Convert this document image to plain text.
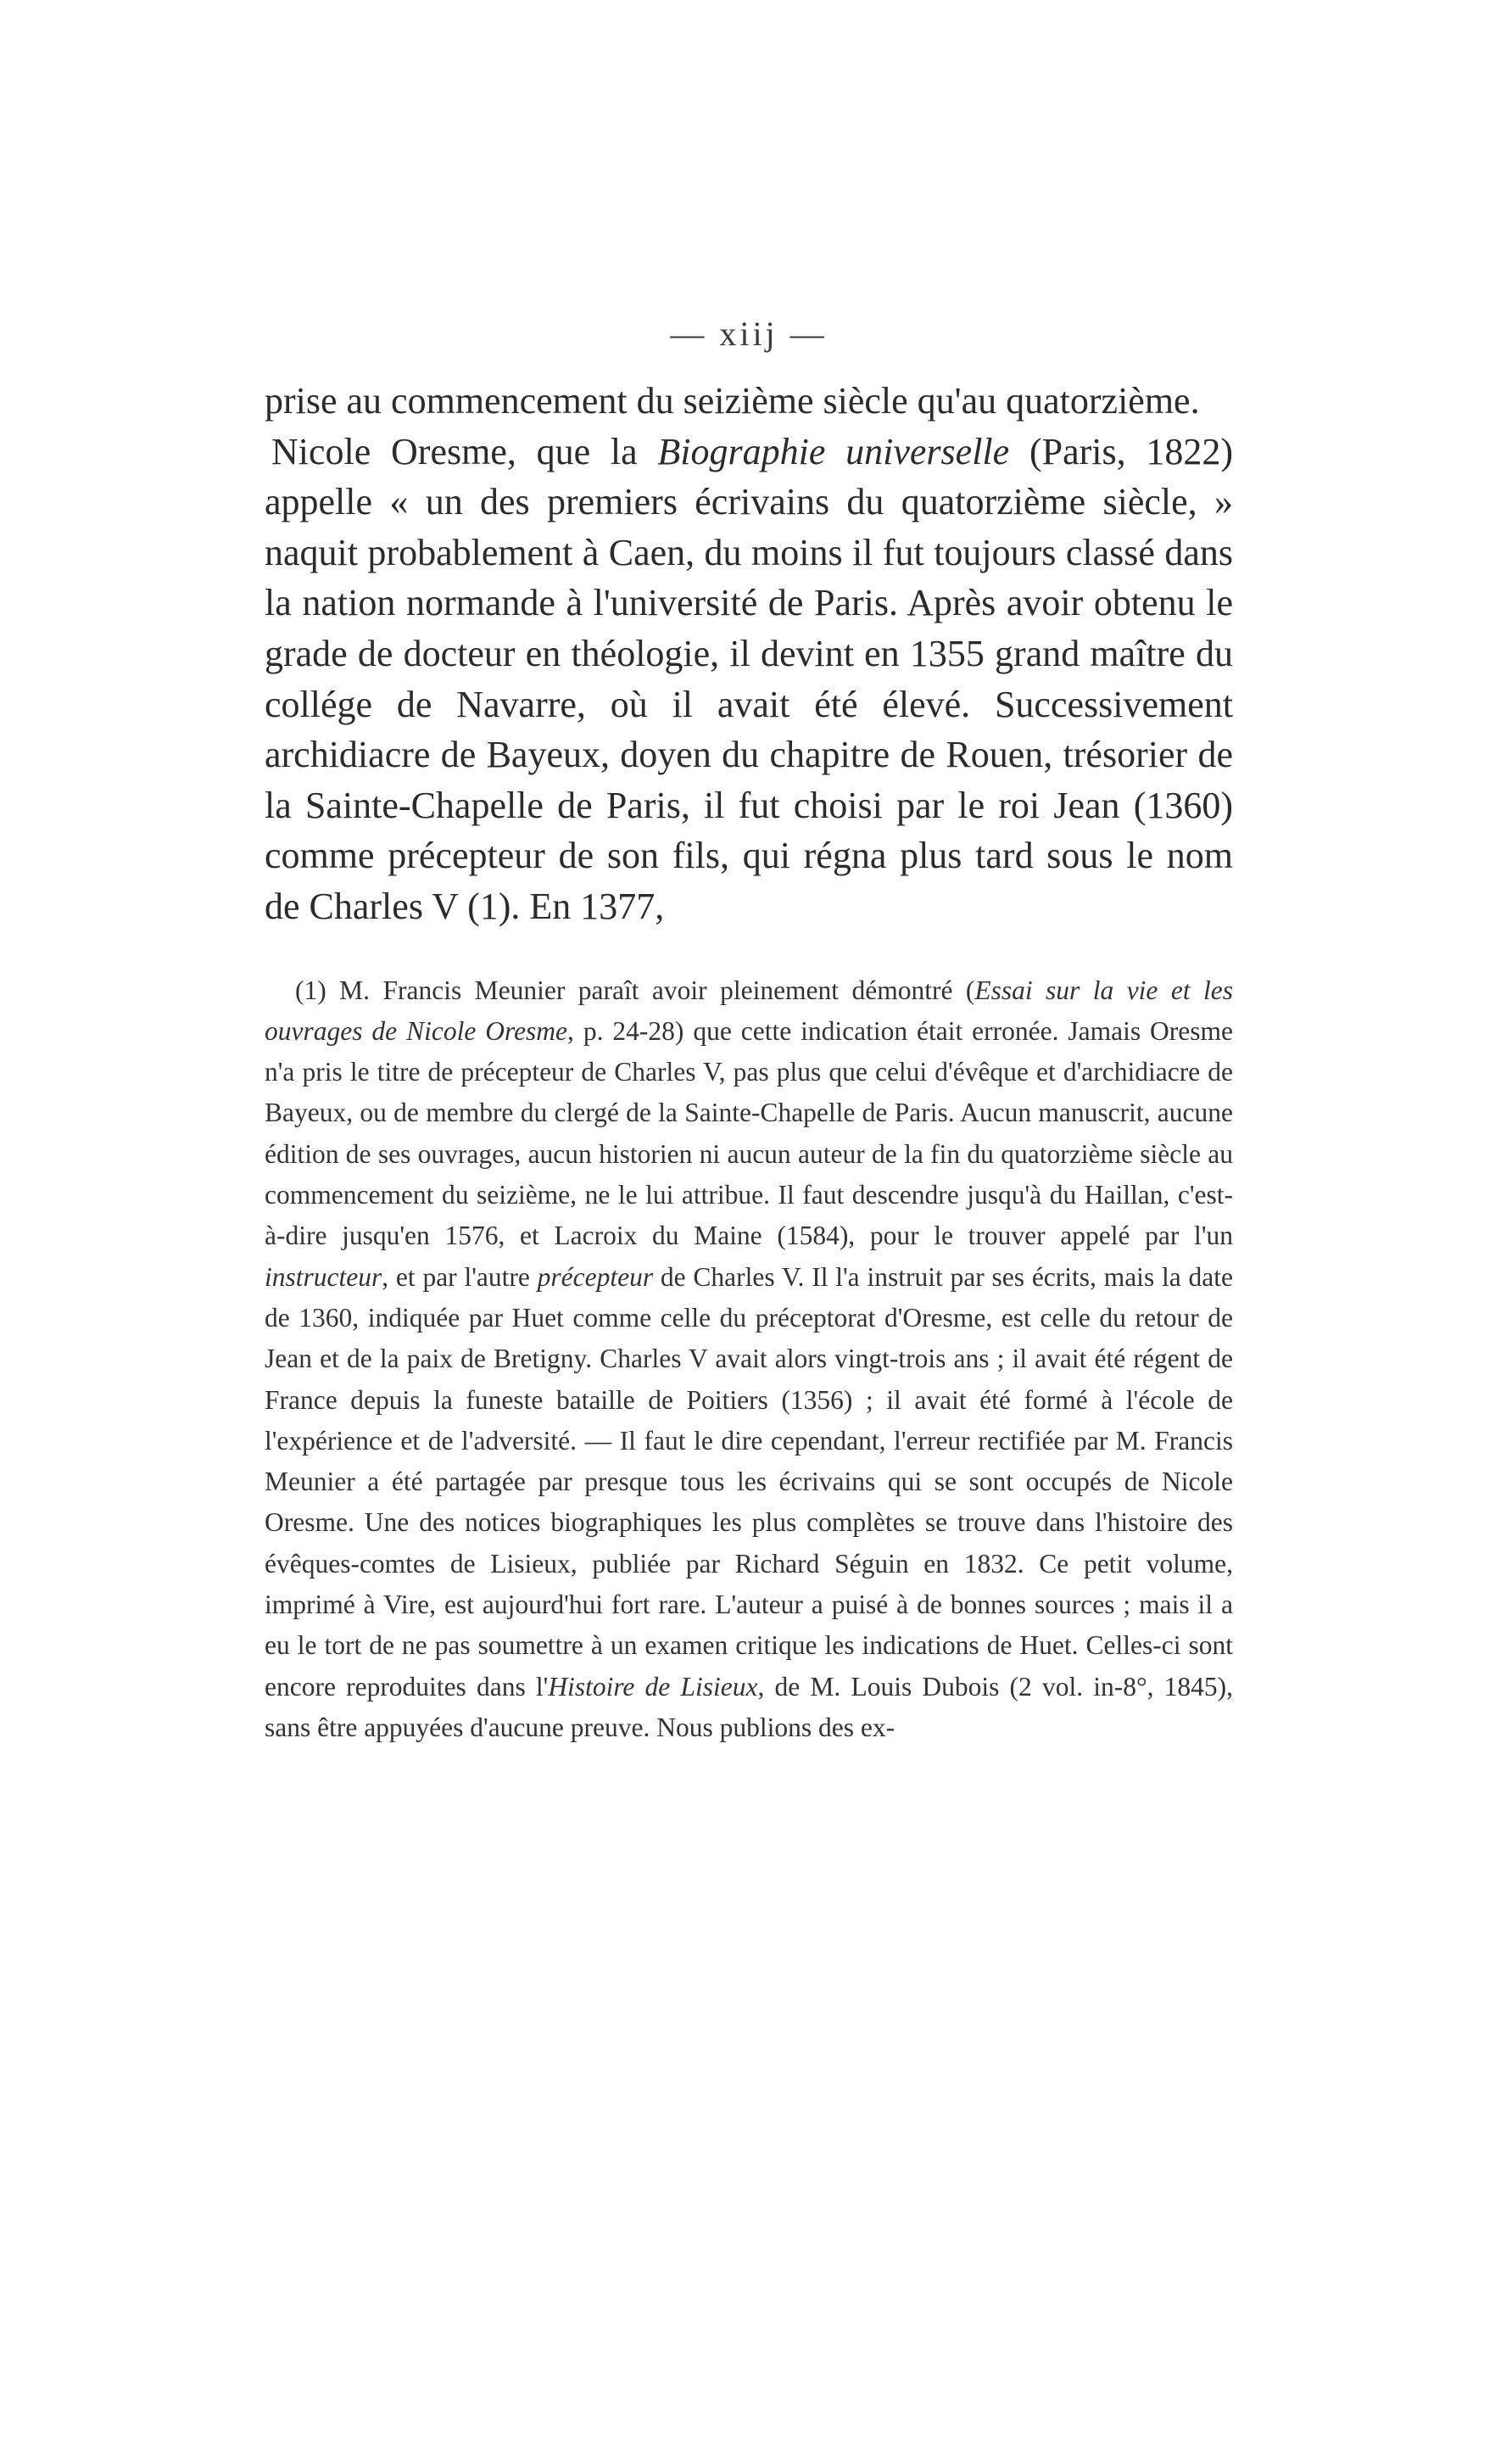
— xiij —

prise au commencement du seizième siècle qu'au quatorzième.

Nicole Oresme, que la Biographie universelle (Paris, 1822) appelle « un des premiers écrivains du quatorzième siècle, » naquit probablement à Caen, du moins il fut toujours classé dans la nation normande à l'université de Paris. Après avoir obtenu le grade de docteur en théologie, il devint en 1355 grand maître du collége de Navarre, où il avait été élevé. Successivement archidiacre de Bayeux, doyen du chapitre de Rouen, trésorier de la Sainte-Chapelle de Paris, il fut choisi par le roi Jean (1360) comme précepteur de son fils, qui régna plus tard sous le nom de Charles V (1). En 1377,

(1) M. Francis Meunier paraît avoir pleinement démontré (Essai sur la vie et les ouvrages de Nicole Oresme, p. 24-28) que cette indication était erronée. Jamais Oresme n'a pris le titre de précepteur de Charles V, pas plus que celui d'évêque et d'archidiacre de Bayeux, ou de membre du clergé de la Sainte-Chapelle de Paris. Aucun manuscrit, aucune édition de ses ouvrages, aucun historien ni aucun auteur de la fin du quatorzième siècle au commencement du seizième, ne le lui attribue. Il faut descendre jusqu'à du Haillan, c'est-à-dire jusqu'en 1576, et Lacroix du Maine (1584), pour le trouver appelé par l'un instructeur, et par l'autre précepteur de Charles V. Il l'a instruit par ses écrits, mais la date de 1360, indiquée par Huet comme celle du préceptorat d'Oresme, est celle du retour de Jean et de la paix de Bretigny. Charles V avait alors vingt-trois ans ; il avait été régent de France depuis la funeste bataille de Poitiers (1356) ; il avait été formé à l'école de l'expérience et de l'adversité. — Il faut le dire cependant, l'erreur rectifiée par M. Francis Meunier a été partagée par presque tous les écrivains qui se sont occupés de Nicole Oresme. Une des notices biographiques les plus complètes se trouve dans l'histoire des évêques-comtes de Lisieux, publiée par Richard Séguin en 1832. Ce petit volume, imprimé à Vire, est aujourd'hui fort rare. L'auteur a puisé à de bonnes sources ; mais il a eu le tort de ne pas soumettre à un examen critique les indications de Huet. Celles-ci sont encore reproduites dans l'Histoire de Lisieux, de M. Louis Dubois (2 vol. in-8°, 1845), sans être appuyées d'aucune preuve. Nous publions des ex-
